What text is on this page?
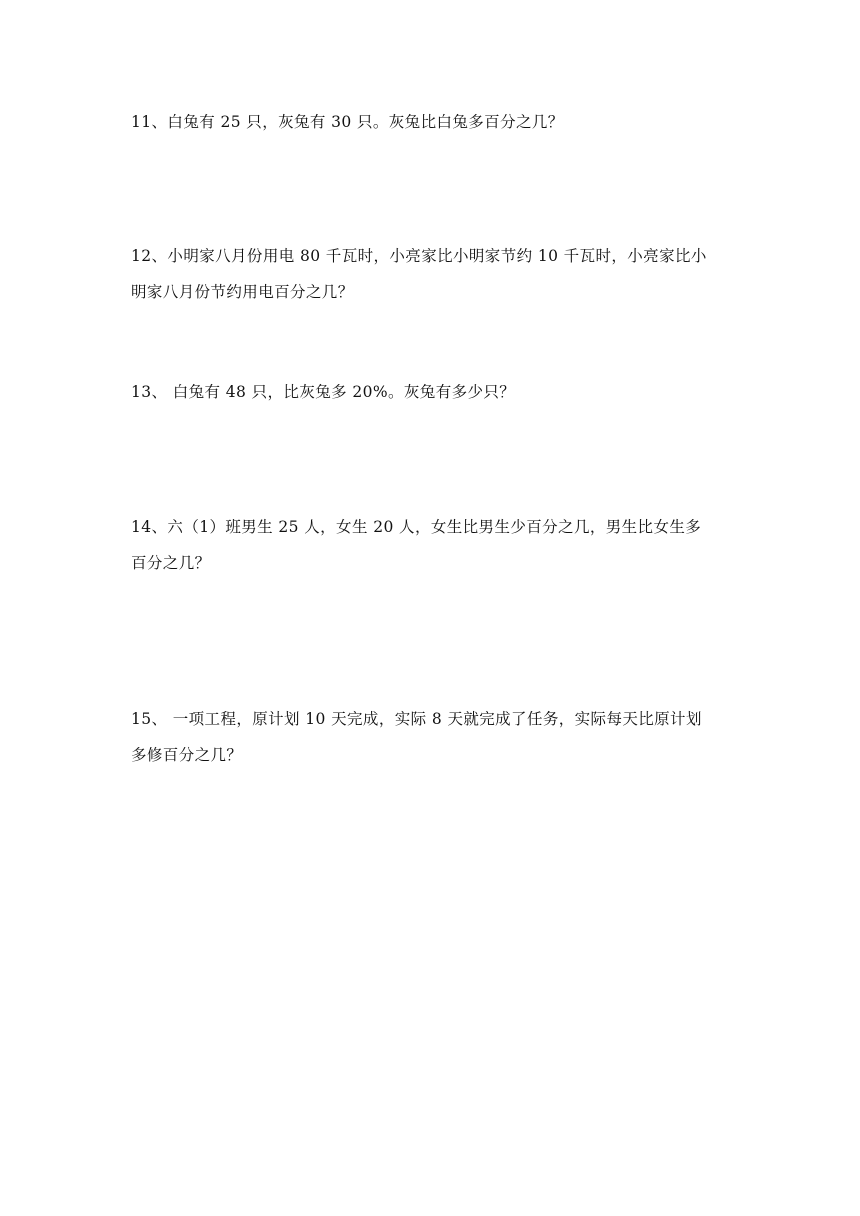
11、白兔有 25 只，灰兔有 30 只。灰兔比白兔多百分之几？
12、小明家八月份用电 80 千瓦时，小亮家比小明家节约 10 千瓦时，小亮家比小
明家八月份节约用电百分之几？
13、 白兔有 48 只，比灰兔多 20%。灰兔有多少只？
14、六（1）班男生 25 人，女生 20 人，女生比男生少百分之几，男生比女生多
百分之几？
15、 一项工程，原计划 10 天完成，实际 8 天就完成了任务，实际每天比原计划
多修百分之几？
